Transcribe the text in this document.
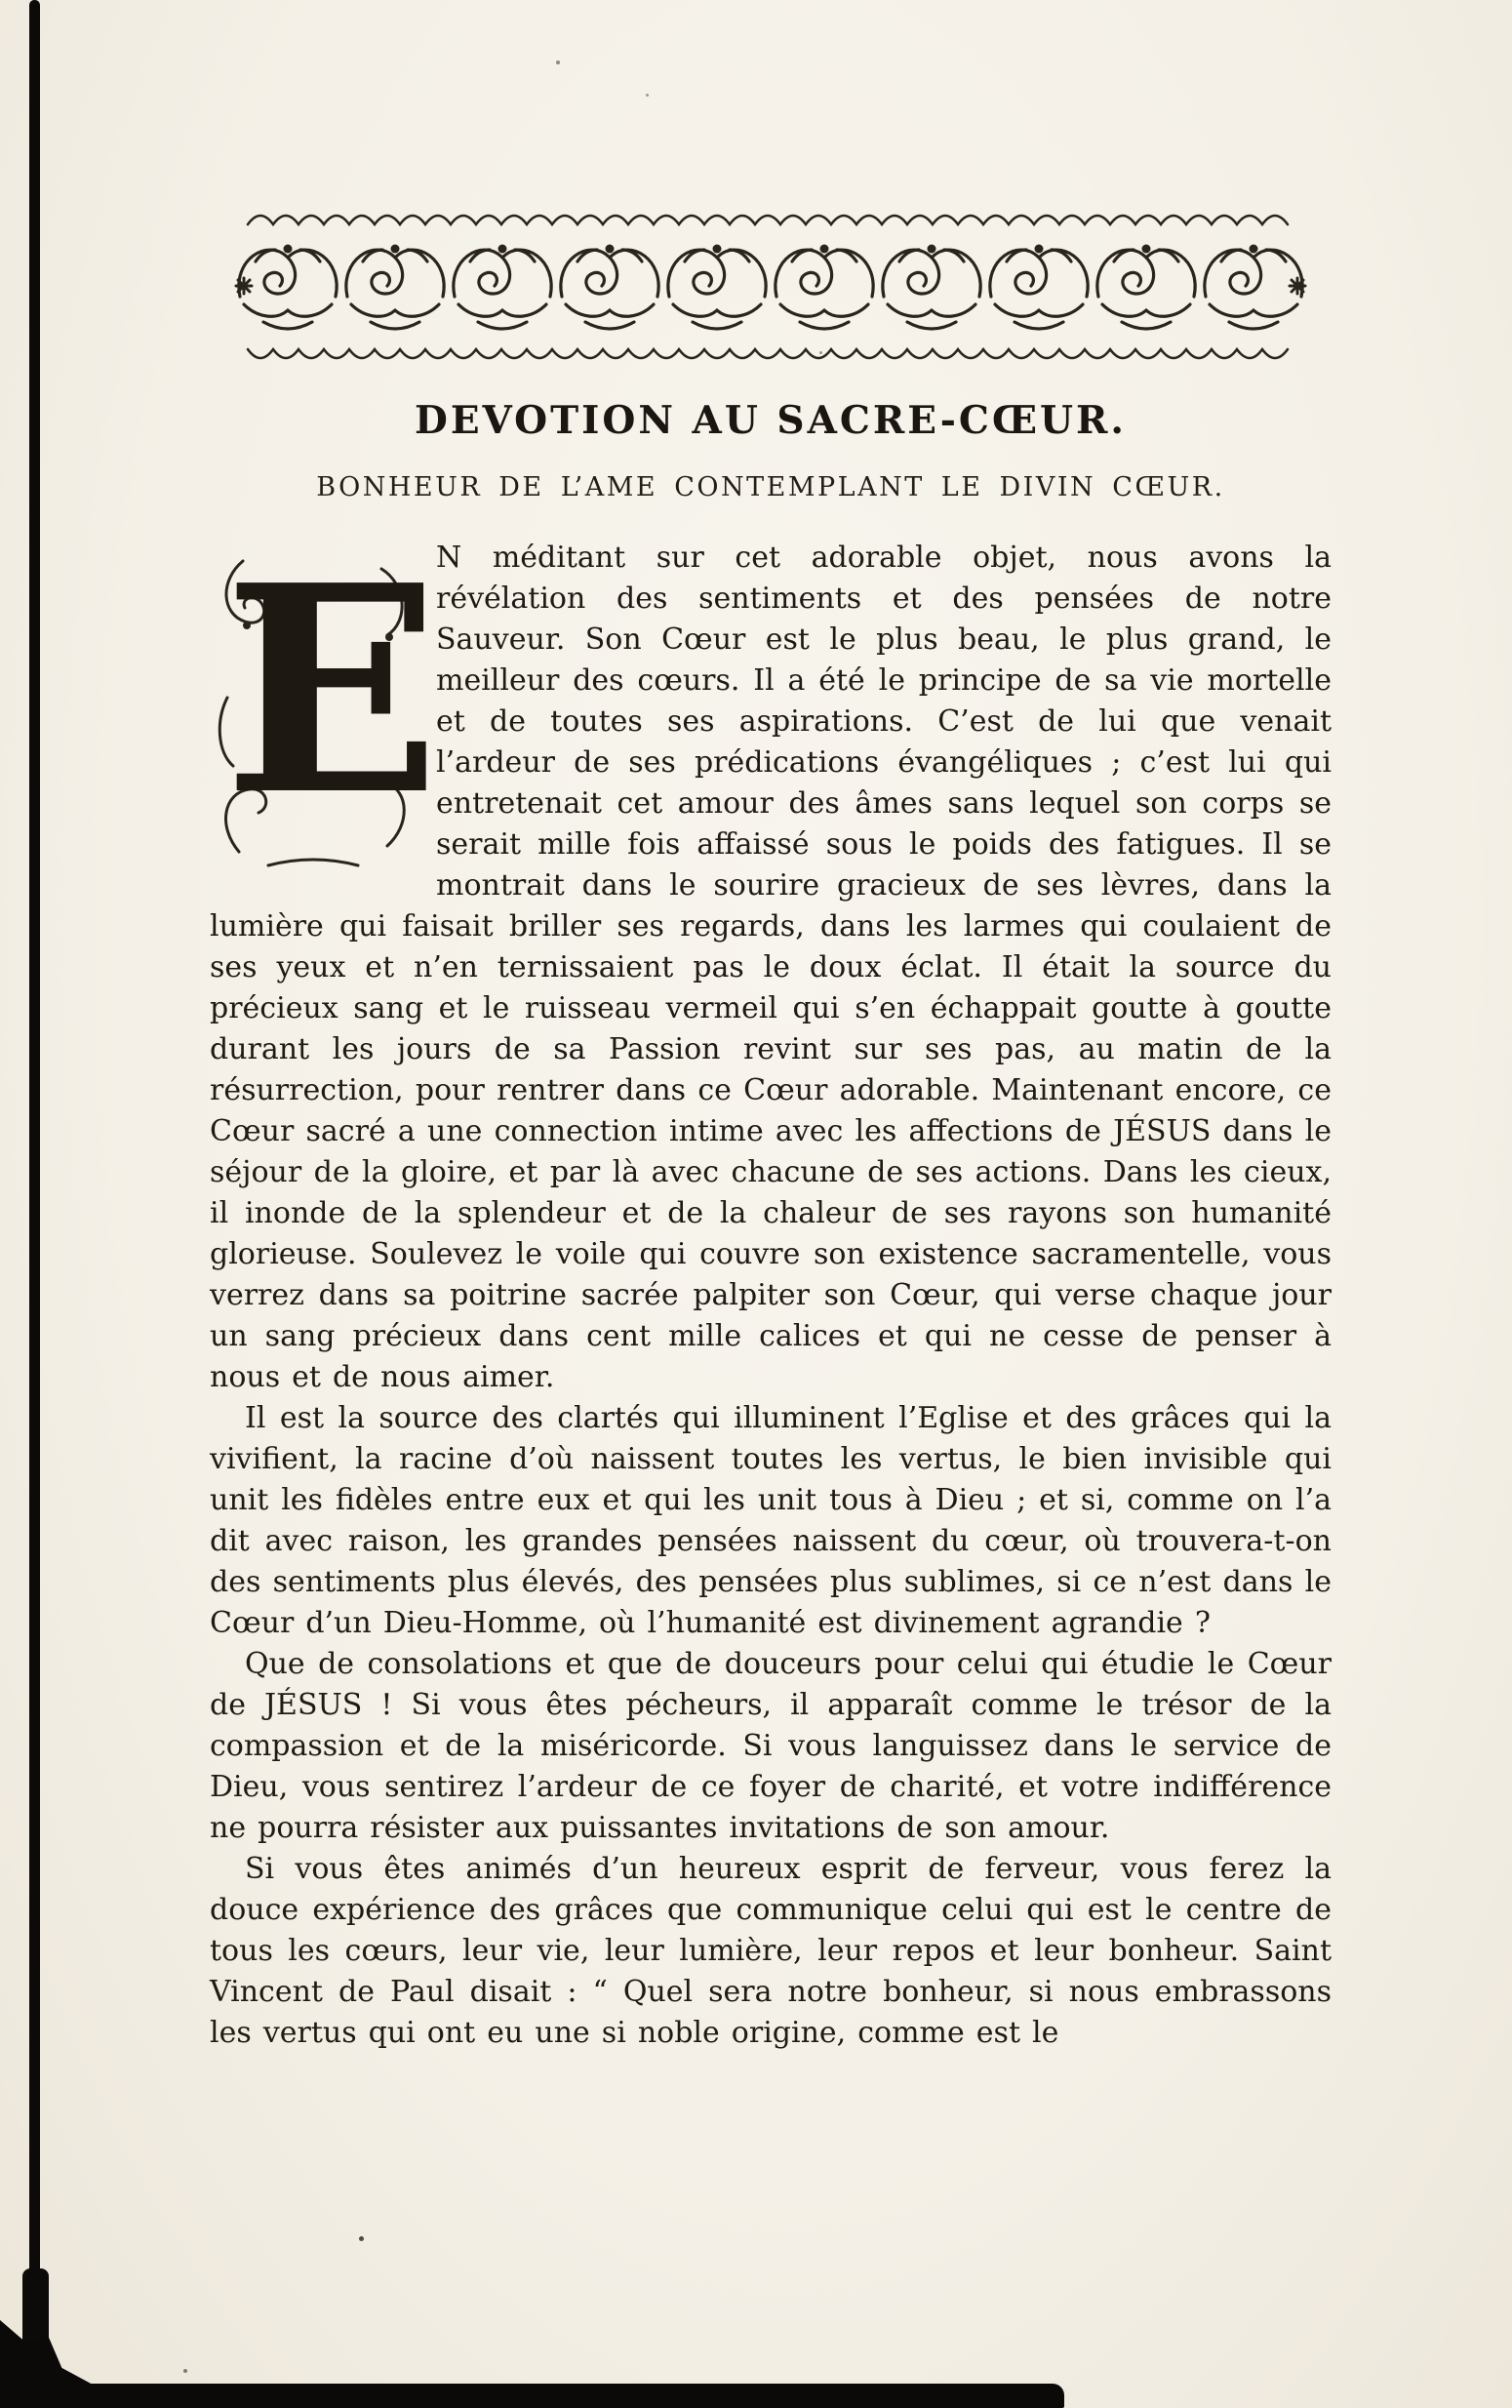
DEVOTION AU SACRE-CŒUR.
BONHEUR DE L’AME CONTEMPLANT LE DIVIN CŒUR.

E
N méditant sur cet adorable objet, nous avons la révélation des sentiments et des pensées de notre Sauveur. Son Cœur est le plus beau, le plus grand, le meilleur des cœurs. Il a été le principe de sa vie mortelle et de toutes ses aspirations. C’est de lui que venait l’ardeur de ses prédications évangéliques ; c’est lui qui entretenait cet amour des âmes sans lequel son corps se serait mille fois affaissé sous le poids des fatigues. Il se montrait dans le sourire gracieux de ses lèvres, dans la lumière qui faisait briller ses regards, dans les larmes qui coulaient de ses yeux et n’en ternissaient pas le doux éclat. Il était la source du précieux sang et le ruisseau vermeil qui s’en échappait goutte à goutte durant les jours de sa Passion revint sur ses pas, au matin de la résurrection, pour rentrer dans ce Cœur adorable. Maintenant encore, ce Cœur sacré a une connection intime avec les affections de JÉSUS dans le séjour de la gloire, et par là avec chacune de ses actions. Dans les cieux, il inonde de la splendeur et de la chaleur de ses rayons son humanité glorieuse. Soulevez le voile qui couvre son existence sacramentelle, vous verrez dans sa poitrine sacrée palpiter son Cœur, qui verse chaque jour un sang précieux dans cent mille calices et qui ne cesse de penser à nous et de nous aimer.

Il est la source des clartés qui illuminent l’Eglise et des grâces qui la vivifient, la racine d’où naissent toutes les vertus, le bien invisible qui unit les fidèles entre eux et qui les unit tous à Dieu ; et si, comme on l’a dit avec raison, les grandes pensées naissent du cœur, où trouvera-t-on des sentiments plus élevés, des pensées plus sublimes, si ce n’est dans le Cœur d’un Dieu-Homme, où l’humanité est divinement agrandie ?

Que de consolations et que de douceurs pour celui qui étudie le Cœur de JÉSUS ! Si vous êtes pécheurs, il apparaît comme le trésor de la compassion et de la miséricorde. Si vous languissez dans le service de Dieu, vous sentirez l’ardeur de ce foyer de charité, et votre indifférence ne pourra résister aux puissantes invitations de son amour.

Si vous êtes animés d’un heureux esprit de ferveur, vous ferez la douce expérience des grâces que communique celui qui est le centre de tous les cœurs, leur vie, leur lumière, leur repos et leur bonheur. Saint Vincent de Paul disait : “ Quel sera notre bonheur, si nous embrassons les vertus qui ont eu une si noble origine, comme est le
